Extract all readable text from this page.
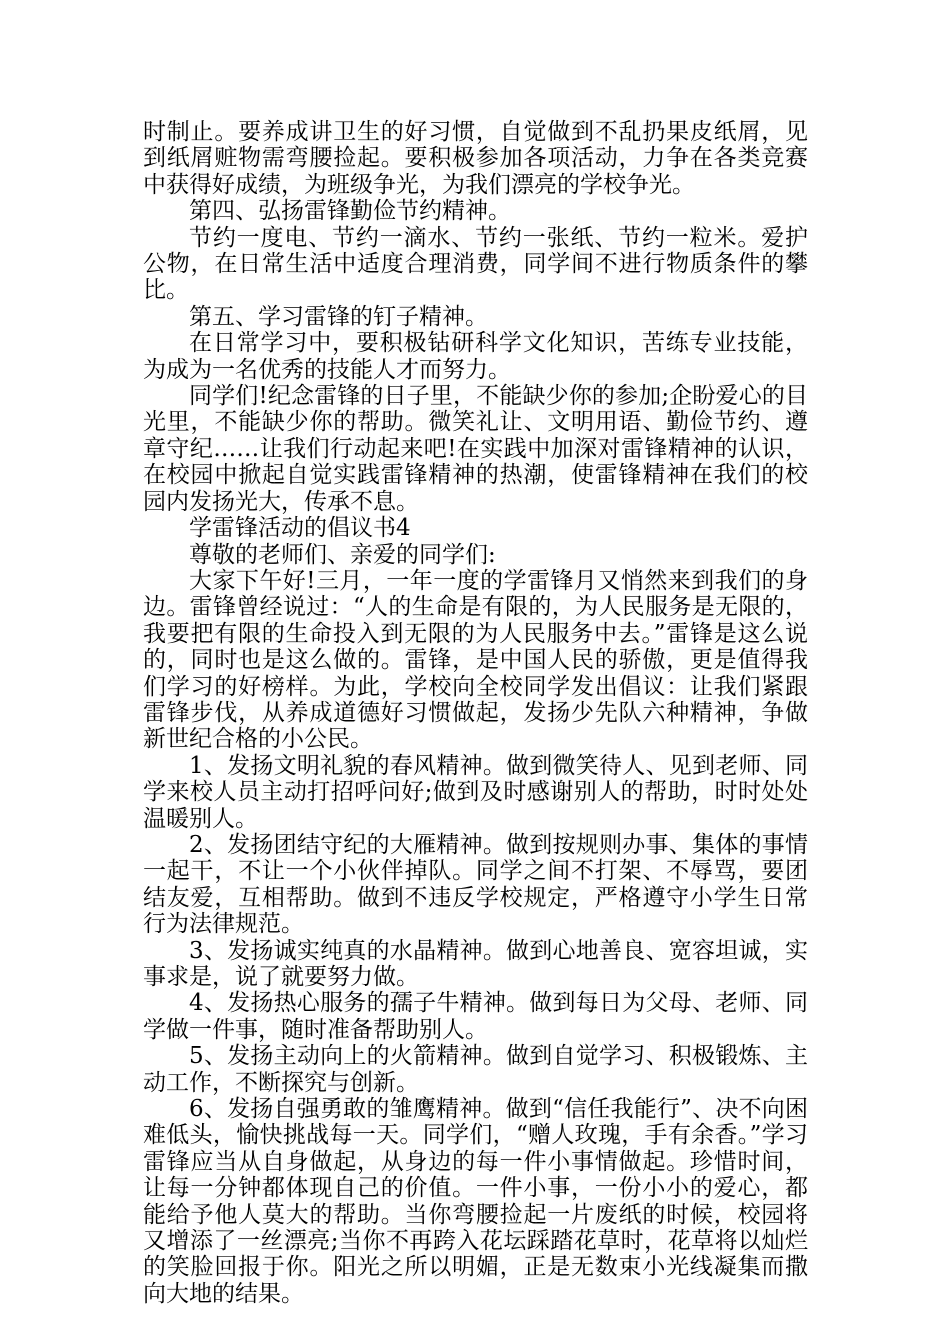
时制止。要养成讲卫生的好习惯，自觉做到不乱扔果皮纸屑，见到纸屑赃物需弯腰捡起。要积极参加各项活动，力争在各类竞赛中获得好成绩，为班级争光，为我们漂亮的学校争光。

第四、弘扬雷锋勤俭节约精神。

节约一度电、节约一滴水、节约一张纸、节约一粒米。爱护公物，在日常生活中适度合理消费，同学间不进行物质条件的攀比。

第五、学习雷锋的钉子精神。

在日常学习中，要积极钻研科学文化知识，苦练专业技能，为成为一名优秀的技能人才而努力。

同学们!纪念雷锋的日子里，不能缺少你的参加;企盼爱心的目光里，不能缺少你的帮助。微笑礼让、文明用语、勤俭节约、遵章守纪……让我们行动起来吧!在实践中加深对雷锋精神的认识，在校园中掀起自觉实践雷锋精神的热潮，使雷锋精神在我们的校园内发扬光大，传承不息。

学雷锋活动的倡议书4

尊敬的老师们、亲爱的同学们:

大家下午好!三月，一年一度的学雷锋月又悄然来到我们的身边。雷锋曾经说过：“人的生命是有限的，为人民服务是无限的，我要把有限的生命投入到无限的为人民服务中去。”雷锋是这么说的，同时也是这么做的。雷锋，是中国人民的骄傲，更是值得我们学习的好榜样。为此，学校向全校同学发出倡议：让我们紧跟雷锋步伐，从养成道德好习惯做起，发扬少先队六种精神，争做新世纪合格的小公民。

1、发扬文明礼貌的春风精神。做到微笑待人、见到老师、同学来校人员主动打招呼问好;做到及时感谢别人的帮助，时时处处温暖别人。

2、发扬团结守纪的大雁精神。做到按规则办事、集体的事情一起干，不让一个小伙伴掉队。同学之间不打架、不辱骂，要团结友爱，互相帮助。做到不违反学校规定，严格遵守小学生日常行为法律规范。

3、发扬诚实纯真的水晶精神。做到心地善良、宽容坦诚，实事求是，说了就要努力做。

4、发扬热心服务的孺子牛精神。做到每日为父母、老师、同学做一件事，随时准备帮助别人。

5、发扬主动向上的火箭精神。做到自觉学习、积极锻炼、主动工作，不断探究与创新。

6、发扬自强勇敢的雏鹰精神。做到“信任我能行”、决不向困难低头，愉快挑战每一天。同学们，“赠人玫瑰，手有余香。”学习雷锋应当从自身做起，从身边的每一件小事情做起。珍惜时间，让每一分钟都体现自己的价值。一件小事，一份小小的爱心，都能给予他人莫大的帮助。当你弯腰捡起一片废纸的时候，校园将又增添了一丝漂亮;当你不再跨入花坛踩踏花草时，花草将以灿烂的笑脸回报于你。阳光之所以明媚，正是无数束小光线凝集而撒向大地的结果。
